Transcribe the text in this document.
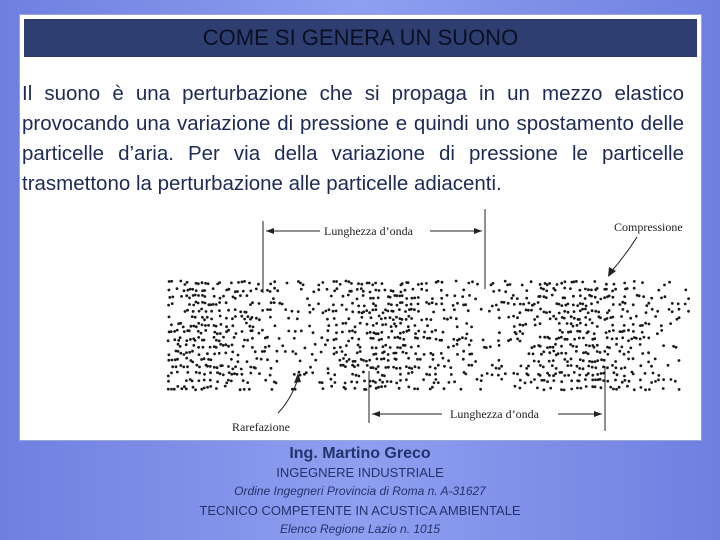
COME SI GENERA UN SUONO
Il suono è una perturbazione che si propaga in un mezzo elastico provocando una variazione di pressione e quindi uno spostamento delle particelle d’aria. Per via della variazione di pressione le particelle trasmettono la perturbazione alle particelle adiacenti.
Lunghezza d’onda	Compressione
Rarefazione
Lunghezza d’onda
Ing. Martino Greco
INGEGNERE INDUSTRIALE
Ordine Ingegneri Provincia di Roma n. A-31627
TECNICO COMPETENTE IN ACUSTICA AMBIENTALE
Elenco Regione Lazio n. 1015
